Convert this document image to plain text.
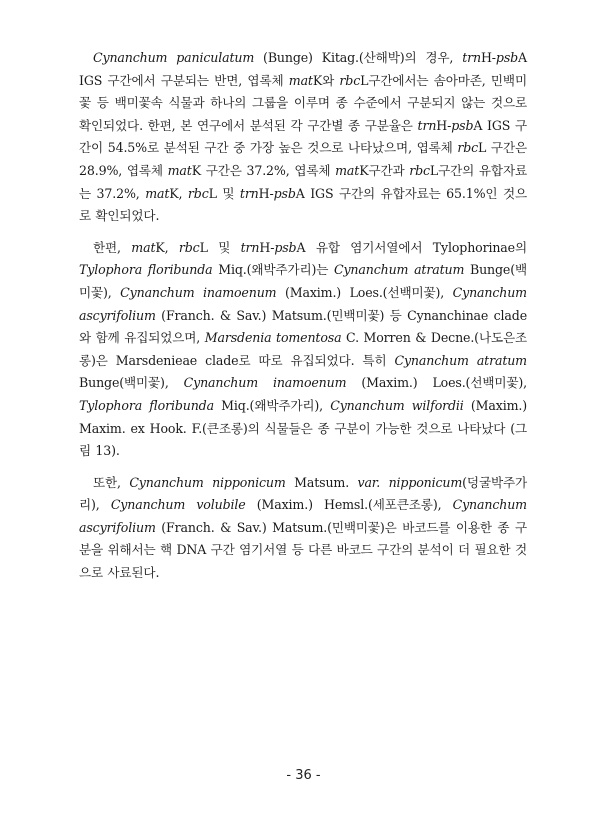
Cynanchum paniculatum (Bunge) Kitag.(산해박)의 경우, trnH-psbA IGS 구간에서 구분되는 반면, 엽록체 matK와 rbcL구간에서는 솜아마존, 민백미꽃 등 백미꽃속 식물과 하나의 그룹을 이루며 종 수준에서 구분되지 않는 것으로 확인되었다. 한편, 본 연구에서 분석된 각 구간별 종 구분율은 trnH-psbA IGS 구간이 54.5%로 분석된 구간 중 가장 높은 것으로 나타났으며, 엽록체 rbcL 구간은 28.9%, 엽록체 matK 구간은 37.2%, 엽록체 matK구간과 rbcL구간의 유합자료는 37.2%, matK, rbcL 및 trnH-psbA IGS 구간의 유합자료는 65.1%인 것으로 확인되었다.

한편, matK, rbcL 및 trnH-psbA 유합 염기서열에서 Tylophorinae의 Tylophora floribunda Miq.(왜박주가리)는 Cynanchum atratum Bunge(백미꽃), Cynanchum inamoenum (Maxim.) Loes.(선백미꽃), Cynanchum ascyrifolium (Franch. & Sav.) Matsum.(민백미꽃) 등 Cynanchinae clade와 함께 유집되었으며, Marsdenia tomentosa C. Morren & Decne.(나도은조롱)은 Marsdenieae clade로 따로 유집되었다. 특히 Cynanchum atratum Bunge(백미꽃), Cynanchum inamoenum (Maxim.) Loes.(선백미꽃), Tylophora floribunda Miq.(왜박주가리), Cynanchum wilfordii (Maxim.) Maxim. ex Hook. F.(큰조롱)의 식물들은 종 구분이 가능한 것으로 나타났다 (그림 13).

또한, Cynanchum nipponicum Matsum. var. nipponicum(덩굴박주가리), Cynanchum volubile (Maxim.) Hemsl.(세포큰조롱), Cynanchum ascyrifolium (Franch. & Sav.) Matsum.(민백미꽃)은 바코드를 이용한 종 구분을 위해서는 핵 DNA 구간 염기서열 등 다른 바코드 구간의 분석이 더 필요한 것으로 사료된다.

- 36 -
